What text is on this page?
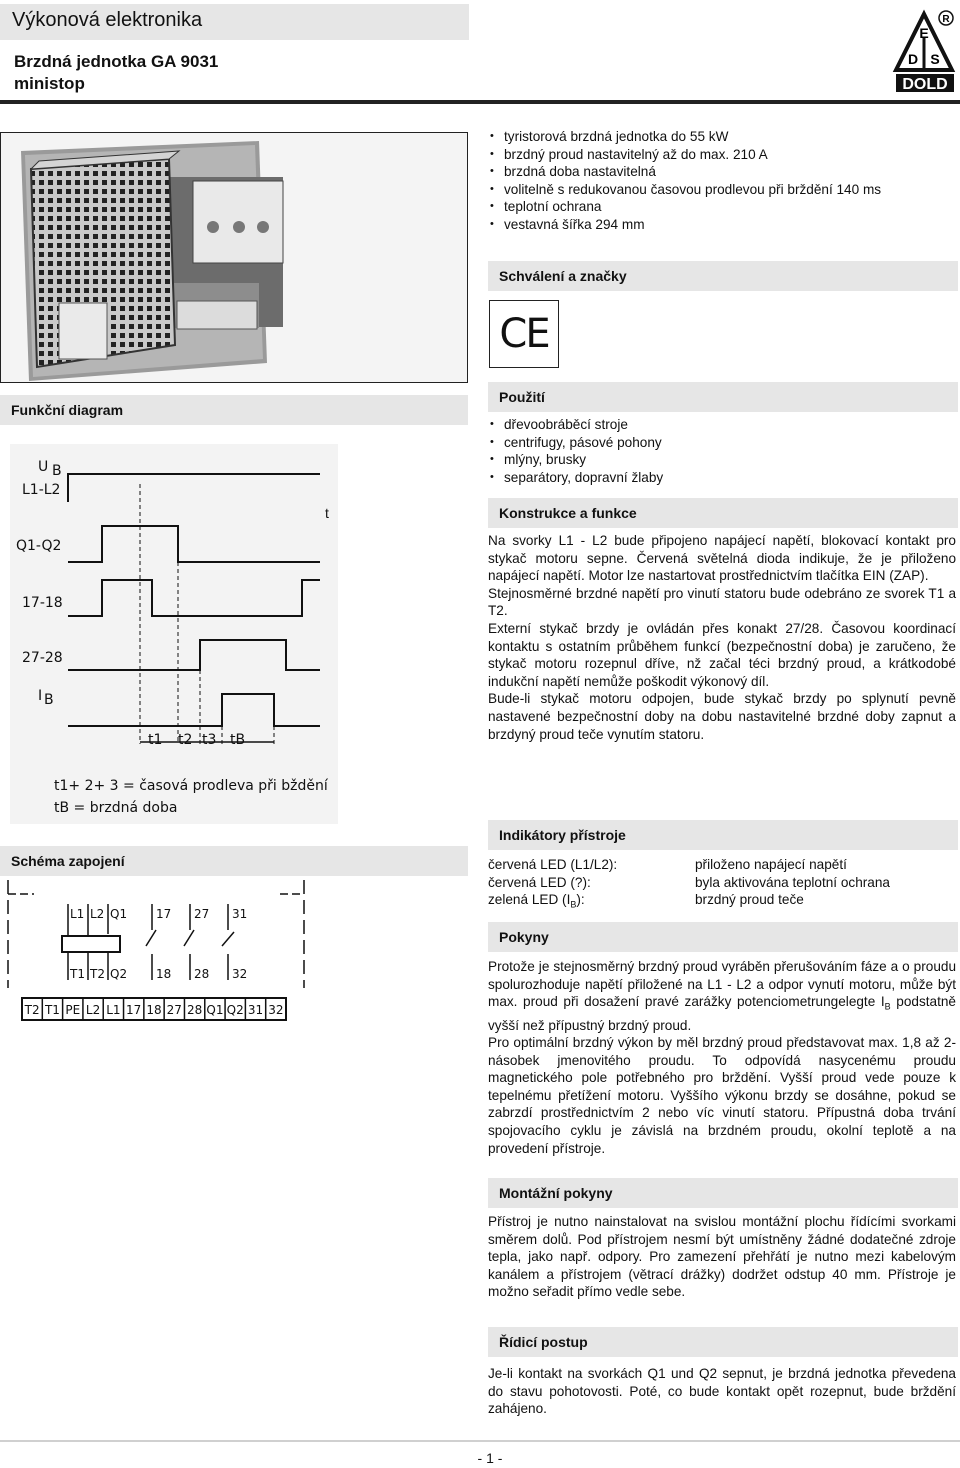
Výkonová elektronika
Brzdná jednotka GA 9031
ministop
R
E
D S
DOLD
• tyristorová brzdná jednotka do 55 kW
• brzdný proud nastavitelný až do max. 210 A
• brzdná doba nastavitelná
• volitelně s redukovanou časovou prodlevou při brždění 140 ms
• teplotní ochrana
• vestavná šířka 294 mm
Schválení a značky
CE
Funkční diagram
U B
L1-L2
Q1-Q2
17-18
27-28
I B
t1 t2 t3 tB
t1+ 2+ 3 = časová prodleva při bždění
tB = brzdná doba
t
Použití
• dřevoobráběcí stroje
• centrifugy, pásové pohony
• mlýny, brusky
• separátory, dopravní žlaby
Konstrukce a funkce

Na svorky L1 - L2 bude připojeno napájecí napětí, blokovací kontakt pro stykač motoru sepne. Červená světelná dioda indikuje, že je přiloženo napájecí napětí. Motor lze nastartovat prostřednictvím tlačítka EIN (ZAP).

Stejnosměrné brzdné napětí pro vinutí statoru bude odebráno ze svorek T1 a T2.

Externí stykač brzdy je ovládán přes konakt 27/28. Časovou koordinací kontaktu s ostatním průběhem funkcí (bezpečnostní doba) je zaručeno, že stykač motoru rozepnul dříve, nž začal téci brzdný proud, a krátkodobé indukční napětí nemůže poškodit výkonový díl.

Bude-li stykač motoru odpojen, bude stykač brzdy po splynutí pevně nastavené bezpečnostní doby na dobu nastavitelné brzdné doby zapnut a brzdyný proud teče vynutím statoru.

Indikátory přístroje
červená LED (L1/L2):	přiloženo napájecí napětí
červená LED (?):	byla aktivována teplotní ochrana
zelená LED $(I_B)$:	brzdný proud teče
Schéma zapojení
L1 L2 Q1 17 27 31
T1 T2 Q2 18 28 32
T2 T1 PE L2 L1 17 18 27 28 Q1 Q2 31 32
Pokyny

Protože je stejnosměrný brzdný proud vyráběn přerušováním fáze a o proudu spolurozhoduje napětí přiložené na L1 - L2 a odpor vynutí motoru, může být max. proud při dosažení pravé zarážky potenciometrungelegte $I_B$ podstatně vyšší než přípustný brzdný proud.

Pro optimální brzdný výkon by měl brzdný proud představovat max. 1,8 až 2-násobek jmenovitého proudu. To odpovídá nasycenému proudu magnetického pole potřebného pro brždění. Vyšší proud vede pouze k tepelnému přetížení motoru. Vyššího výkonu brzdy se dosáhne, pokud se zabrzdí prostřednictvím 2 nebo víc vinutí statoru. Přípustná doba trvání spojovacího cyklu je závislá na brzdném proudu, okolní teplotě a na provedení přístroje.

Montážní pokyny
Přístroj je nutno nainstalovat na svislou montážní plochu řídícími svorkami směrem dolů. Pod přístrojem nesmí být umístněny žádné dodatečné zdroje tepla, jako např. odpory. Pro zamezení přehřátí je nutno mezi kabelovým kanálem a přístrojem (větrací drážky) dodržet odstup 40 mm. Přístroje je možno seřadit přímo vedle sebe.
Řídicí postup
Je-li kontakt na svorkách Q1 und Q2 sepnut, je brzdná jednotka převedena do stavu pohotovosti. Poté, co bude kontakt opět rozepnut, bude brždění zahájeno.
- 1 -
